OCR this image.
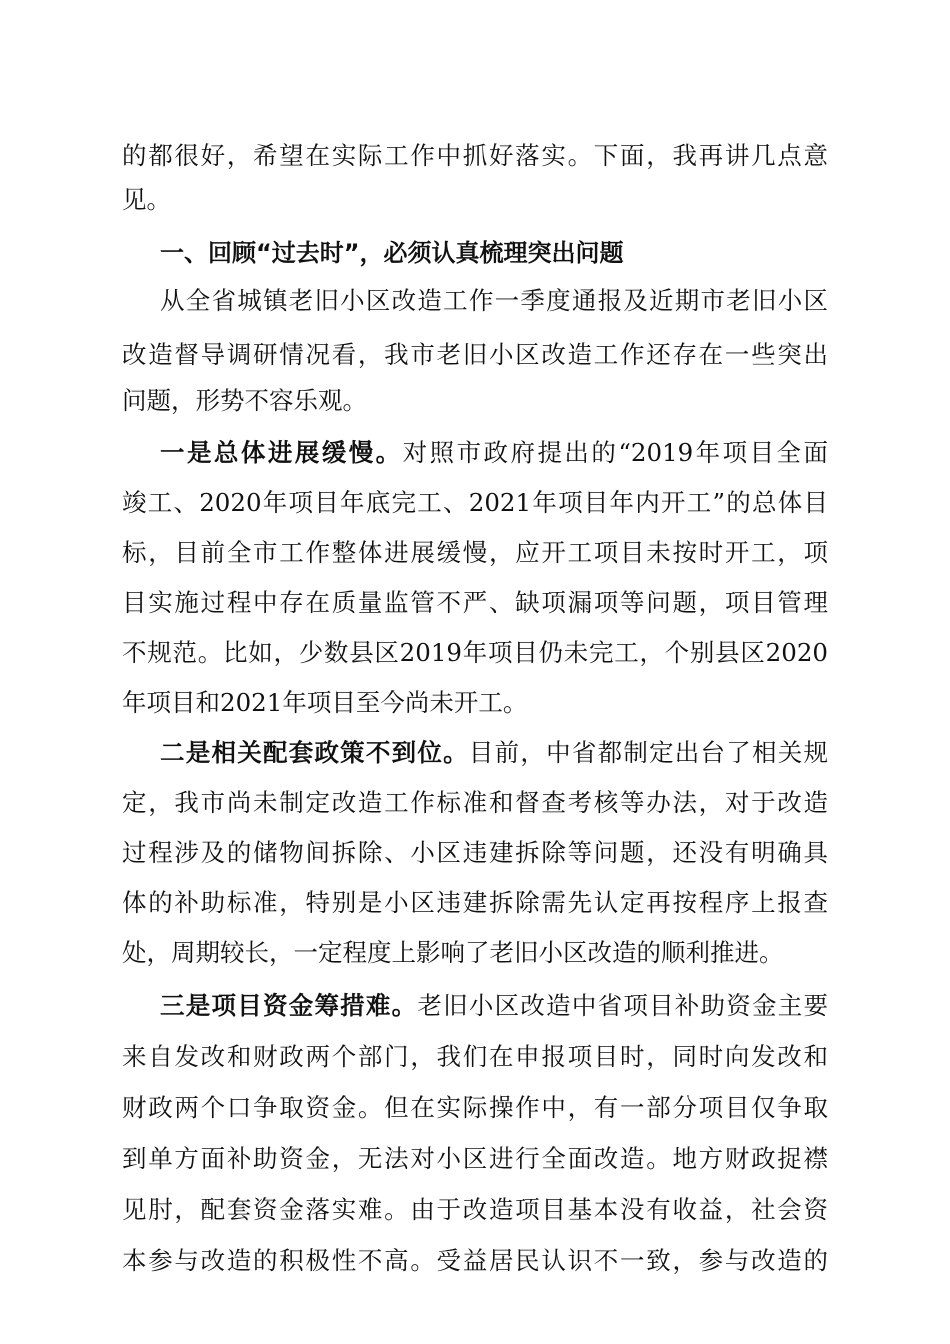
的都很好，希望在实际工作中抓好落实。下面，我再讲几点意
见。
一、回顾“过去时”，必须认真梳理突出问题
从全省城镇老旧小区改造工作一季度通报及近期市老旧小区
改造督导调研情况看，我市老旧小区改造工作还存在一些突出
问题，形势不容乐观。
一是总体进展缓慢。对照市政府提出的“2019年项目全面
竣工、2020年项目年底完工、2021年项目年内开工”的总体目
标，目前全市工作整体进展缓慢，应开工项目未按时开工，项
目实施过程中存在质量监管不严、缺项漏项等问题，项目管理
不规范。比如，少数县区2019年项目仍未完工，个别县区2020
年项目和2021年项目至今尚未开工。
二是相关配套政策不到位。目前，中省都制定出台了相关规
定，我市尚未制定改造工作标准和督查考核等办法，对于改造
过程涉及的储物间拆除、小区违建拆除等问题，还没有明确具
体的补助标准，特别是小区违建拆除需先认定再按程序上报查
处，周期较长，一定程度上影响了老旧小区改造的顺利推进。
三是项目资金筹措难。老旧小区改造中省项目补助资金主要
来自发改和财政两个部门，我们在申报项目时，同时向发改和
财政两个口争取资金。但在实际操作中，有一部分项目仅争取
到单方面补助资金，无法对小区进行全面改造。地方财政捉襟
见肘，配套资金落实难。由于改造项目基本没有收益，社会资
本参与改造的积极性不高。受益居民认识不一致，参与改造的
